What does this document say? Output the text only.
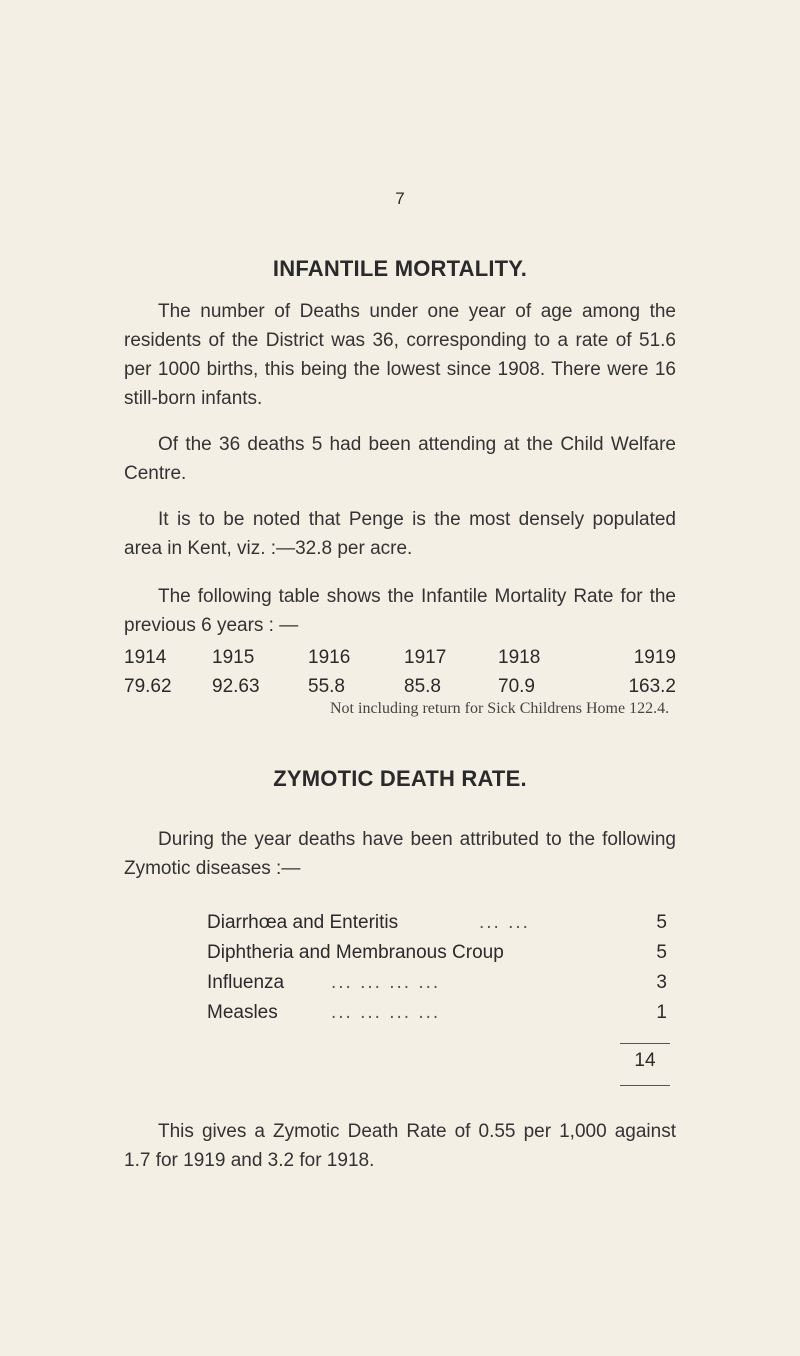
7
INFANTILE MORTALITY.

The number of Deaths under one year of age among the residents of the District was 36, corresponding to a rate of 51.6 per 1000 births, this being the lowest since 1908. There were 16 still-born infants.

Of the 36 deaths 5 had been attending at the Child Welfare Centre.

It is to be noted that Penge is the most densely populated area in Kent, viz. :—32.8 per acre.

The following table shows the Infantile Mortality Rate for the previous 6 years : —

1914	1915	1916	1917	1918	1919
79.62	92.63	55.8	85.8	70.9	163.2
Not including return for Sick Childrens Home 122.4.
ZYMOTIC DEATH RATE.

During the year deaths have been attributed to the following Zymotic diseases :—

Diarrhœa and Enteritis	... ...	5
Diphtheria and Membranous Croup	5
Influenza ... ... ... ...	3
Measles	... ... ... ...	1
14

This gives a Zymotic Death Rate of 0.55 per 1,000 against 1.7 for 1919 and 3.2 for 1918.
